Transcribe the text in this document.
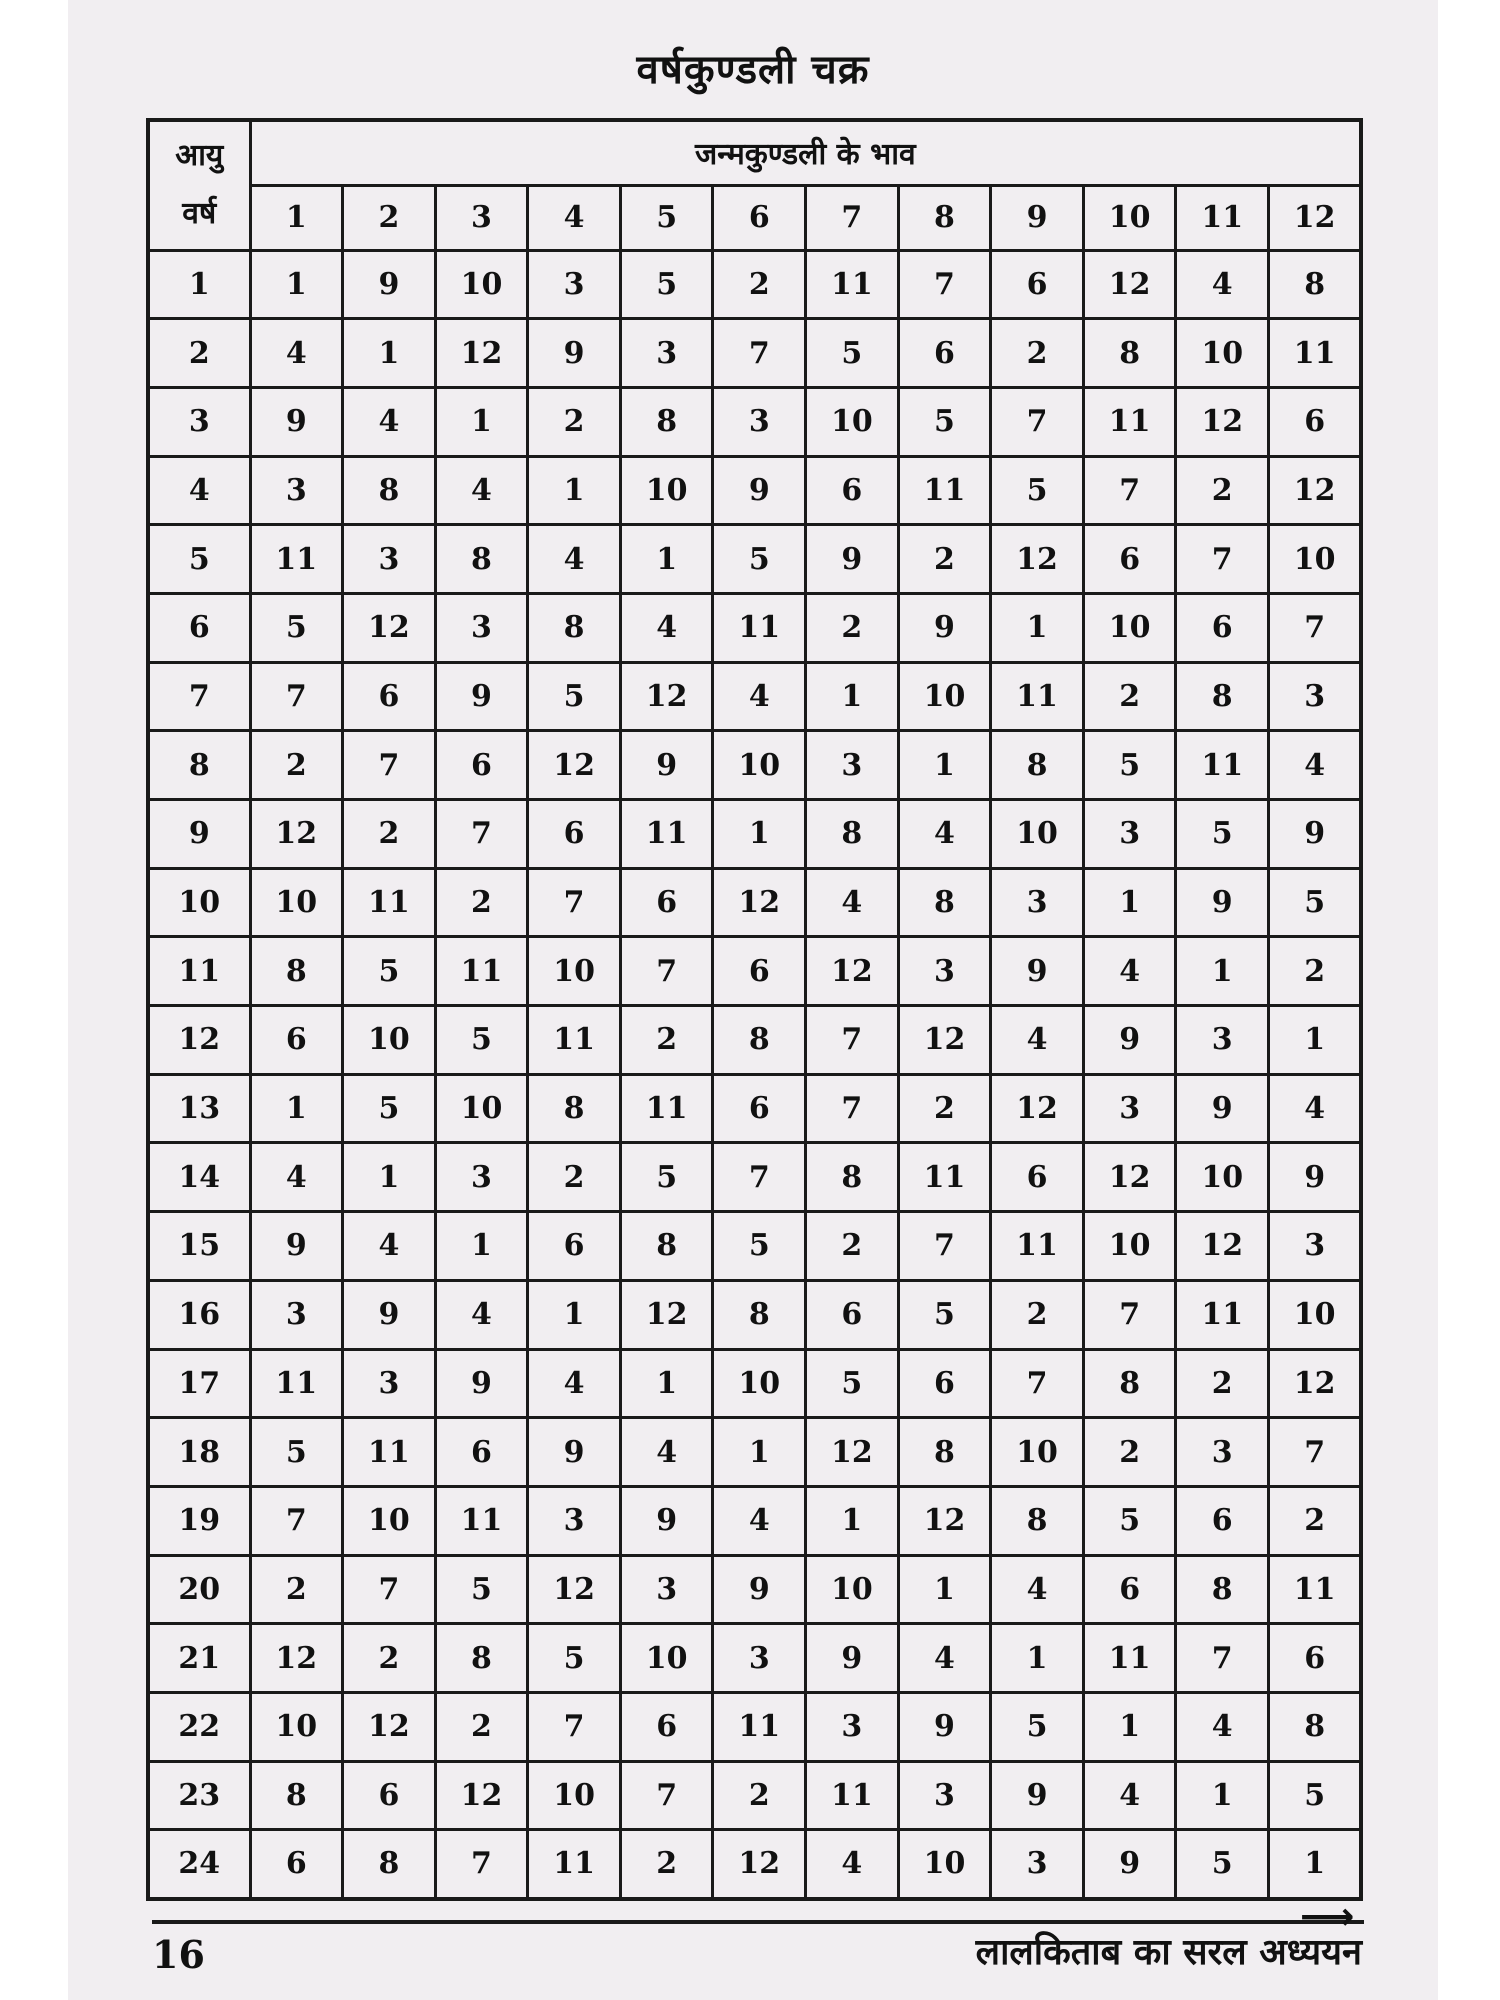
वर्षकुण्डली चक्र
आयु
वर्ष	जन्मकुण्डली के भाव											
	1	2	3	4	5	6	7	8	9	10	11	12
1	1	9	10	3	5	2	11	7	6	12	4	8
2	4	1	12	9	3	7	5	6	2	8	10	11
3	9	4	1	2	8	3	10	5	7	11	12	6
4	3	8	4	1	10	9	6	11	5	7	2	12
5	11	3	8	4	1	5	9	2	12	6	7	10
6	5	12	3	8	4	11	2	9	1	10	6	7
7	7	6	9	5	12	4	1	10	11	2	8	3
8	2	7	6	12	9	10	3	1	8	5	11	4
9	12	2	7	6	11	1	8	4	10	3	5	9
10	10	11	2	7	6	12	4	8	3	1	9	5
11	8	5	11	10	7	6	12	3	9	4	1	2
12	6	10	5	11	2	8	7	12	4	9	3	1
13	1	5	10	8	11	6	7	2	12	3	9	4
14	4	1	3	2	5	7	8	11	6	12	10	9
15	9	4	1	6	8	5	2	7	11	10	12	3
16	3	9	4	1	12	8	6	5	2	7	11	10
17	11	3	9	4	1	10	5	6	7	8	2	12
18	5	11	6	9	4	1	12	8	10	2	3	7
19	7	10	11	3	9	4	1	12	8	5	6	2
20	2	7	5	12	3	9	10	1	4	6	8	11
21	12	2	8	5	10	3	9	4	1	11	7	6
22	10	12	2	7	6	11	3	9	5	1	4	8
23	8	6	12	10	7	2	11	3	9	4	1	5
24	6	8	7	11	2	12	4	10	3	9	5	1
⟶
16	लालकिताब का सरल अध्ययन
